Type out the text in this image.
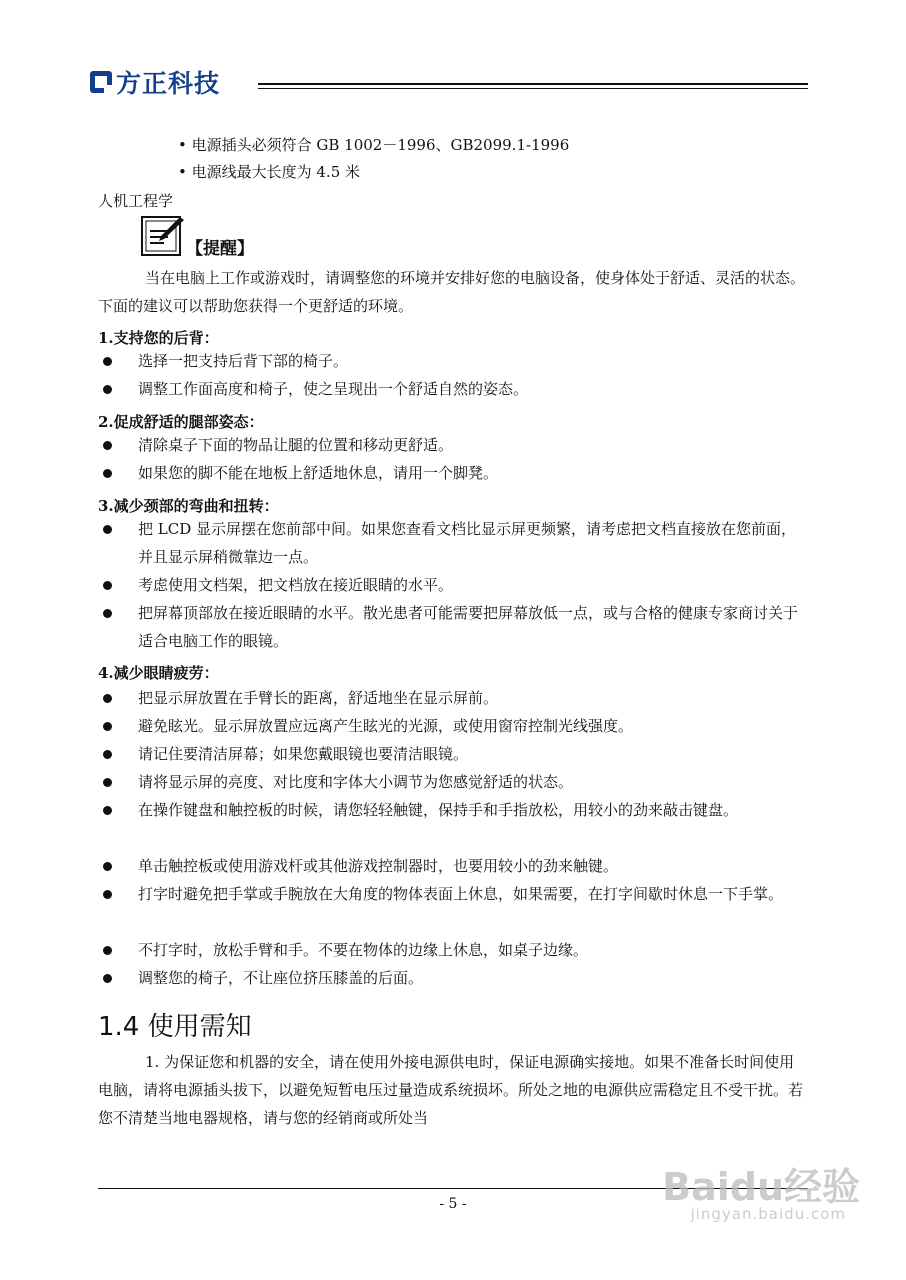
方正科技
• 电源插头必须符合 GB 1002－1996、GB2099.1-1996
• 电源线最大长度为 4.5 米
人机工程学
【提醒】
当在电脑上工作或游戏时，请调整您的环境并安排好您的电脑设备，使身体处于舒适、灵活的状态。下面的建议可以帮助您获得一个更舒适的环境。
1.支持您的后背：
选择一把支持后背下部的椅子。
调整工作面高度和椅子，使之呈现出一个舒适自然的姿态。
2.促成舒适的腿部姿态：
清除桌子下面的物品让腿的位置和移动更舒适。
如果您的脚不能在地板上舒适地休息，请用一个脚凳。
3.减少颈部的弯曲和扭转：
把 LCD 显示屏摆在您前部中间。如果您查看文档比显示屏更频繁，请考虑把文档直接放在您前面，并且显示屏稍微靠边一点。
考虑使用文档架，把文档放在接近眼睛的水平。
把屏幕顶部放在接近眼睛的水平。散光患者可能需要把屏幕放低一点，或与合格的健康专家商讨关于适合电脑工作的眼镜。
4.减少眼睛疲劳：
把显示屏放置在手臂长的距离，舒适地坐在显示屏前。
避免眩光。显示屏放置应远离产生眩光的光源，或使用窗帘控制光线强度。
请记住要清洁屏幕；如果您戴眼镜也要清洁眼镜。
请将显示屏的亮度、对比度和字体大小调节为您感觉舒适的状态。
在操作键盘和触控板的时候，请您轻轻触键，保持手和手指放松，用较小的劲来敲击键盘。
单击触控板或使用游戏杆或其他游戏控制器时，也要用较小的劲来触键。
打字时避免把手掌或手腕放在大角度的物体表面上休息，如果需要，在打字间歇时休息一下手掌。
不打字时，放松手臂和手。不要在物体的边缘上休息，如桌子边缘。
调整您的椅子，不让座位挤压膝盖的后面。
1.4 使用需知
1. 为保证您和机器的安全，请在使用外接电源供电时，保证电源确实接地。如果不准备长时间使用电脑，请将电源插头拔下，以避免短暂电压过量造成系统损坏。所处之地的电源供应需稳定且不受干扰。若您不清楚当地电器规格，请与您的经销商或所处当
- 5 -	Baidu经验
jingyan.baidu.com
